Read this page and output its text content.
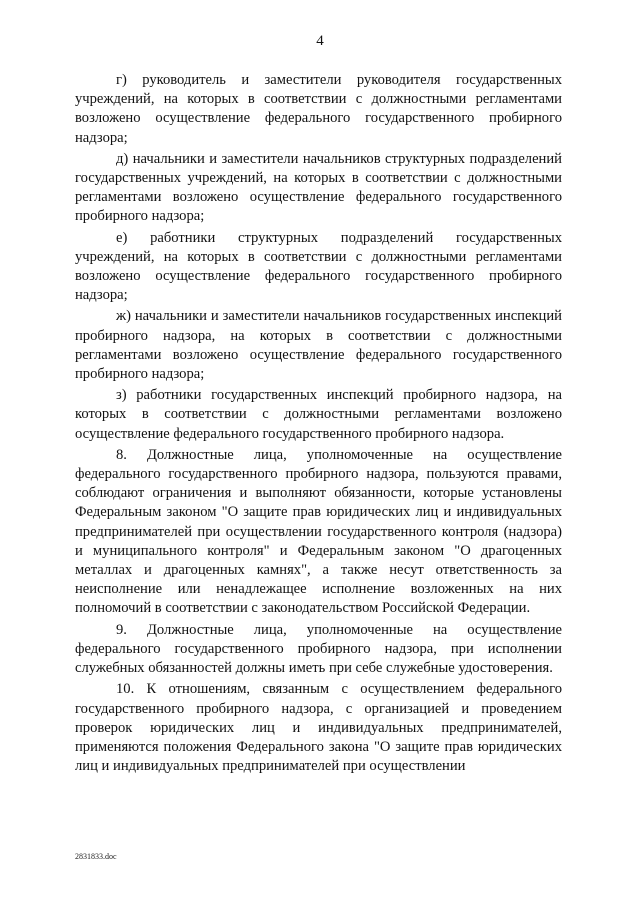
4

г) руководитель и заместители руководителя государственных учреждений, на которых в соответствии с должностными регламентами возложено осуществление федерального государственного пробирного надзора;

д) начальники и заместители начальников структурных подразделений государственных учреждений, на которых в соответствии с должностными регламентами возложено осуществление федерального государственного пробирного надзора;

е) работники структурных подразделений государственных учреждений, на которых в соответствии с должностными регламентами возложено осуществление федерального государственного пробирного надзора;

ж) начальники и заместители начальников государственных инспекций пробирного надзора, на которых в соответствии с должностными регламентами возложено осуществление федерального государственного пробирного надзора;

з) работники государственных инспекций пробирного надзора, на которых в соответствии с должностными регламентами возложено осуществление федерального государственного пробирного надзора.

8. Должностные лица, уполномоченные на осуществление федерального государственного пробирного надзора, пользуются правами, соблюдают ограничения и выполняют обязанности, которые установлены Федеральным законом "О защите прав юридических лиц и индивидуальных предпринимателей при осуществлении государственного контроля (надзора) и муниципального контроля" и Федеральным законом "О драгоценных металлах и драгоценных камнях", а также несут ответственность за неисполнение или ненадлежащее исполнение возложенных на них полномочий в соответствии с законодательством Российской Федерации.

9. Должностные лица, уполномоченные на осуществление федерального государственного пробирного надзора, при исполнении служебных обязанностей должны иметь при себе служебные удостоверения.

10. К отношениям, связанным с осуществлением федерального государственного пробирного надзора, с организацией и проведением проверок юридических лиц и индивидуальных предпринимателей, применяются положения Федерального закона "О защите прав юридических лиц и индивидуальных предпринимателей при осуществлении

2831833.doc
